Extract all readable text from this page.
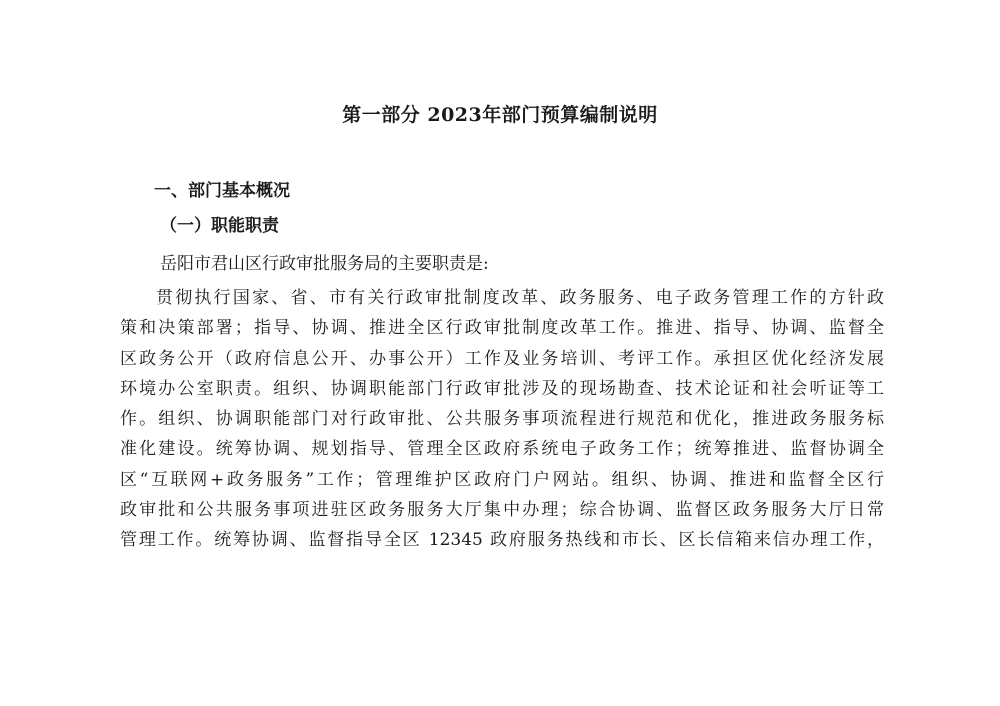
第一部分 2023年部门预算编制说明
一、部门基本概况
（一）职能职责
岳阳市君山区行政审批服务局的主要职责是:
贯彻执行国家、省、市有关行政审批制度改革、政务服务、电子政务管理工作的方针政
策和决策部署；指导、协调、推进全区行政审批制度改革工作。推进、指导、协调、监督全
区政务公开（政府信息公开、办事公开）工作及业务培训、考评工作。承担区优化经济发展
环境办公室职责。组织、协调职能部门行政审批涉及的现场勘查、技术论证和社会听证等工
作。组织、协调职能部门对行政审批、公共服务事项流程进行规范和优化，推进政务服务标
准化建设。统筹协调、规划指导、管理全区政府系统电子政务工作；统筹推进、监督协调全
区“互联网+政务服务”工作；管理维护区政府门户网站。组织、协调、推进和监督全区行
政审批和公共服务事项进驻区政务服务大厅集中办理；综合协调、监督区政务服务大厅日常
管理工作。统筹协调、监督指导全区 12345 政府服务热线和市长、区长信箱来信办理工作，
